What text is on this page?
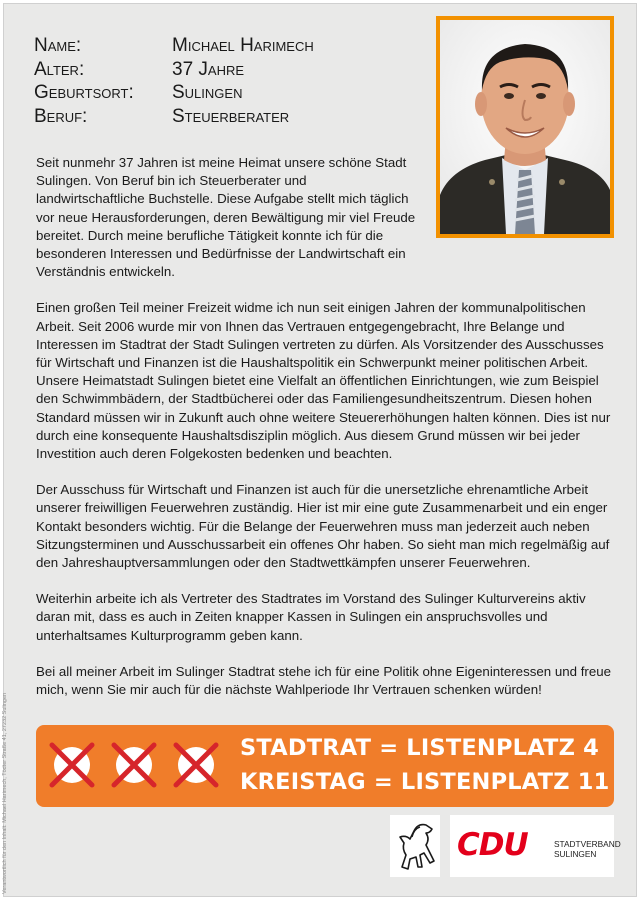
Name:	Michael Harimech
Alter:	37 Jahre
Geburtsort:	Sulingen
Beruf:	Steuerberater

Seit nunmehr 37 Jahren ist meine Heimat unsere schöne Stadt Sulingen. Von Beruf bin ich Steuerberater und landwirtschaftliche Buchstelle. Diese Aufgabe stellt mich täglich vor neue Herausforderungen, deren Bewältigung mir viel Freude bereitet. Durch meine berufliche Tätigkeit konnte ich für die besonderen Interessen und Bedürfnisse der Landwirtschaft ein Verständnis entwickeln.

Einen großen Teil meiner Freizeit widme ich nun seit einigen Jahren der kommunalpolitischen Arbeit. Seit 2006 wurde mir von Ihnen das Vertrauen entgegengebracht, Ihre Belange und Interessen im Stadtrat der Stadt Sulingen vertreten zu dürfen. Als Vorsitzender des Ausschusses für Wirtschaft und Finanzen ist die Haushaltspolitik ein Schwerpunkt meiner politischen Arbeit. Unsere Heimatstadt Sulingen bietet eine Vielfalt an öffentlichen Einrichtungen, wie zum Beispiel den Schwimmbädern, der Stadtbücherei oder das Familiengesundheitszentrum. Diesen hohen Standard müssen wir in Zukunft auch ohne weitere Steuererhöhungen halten können. Dies ist nur durch eine konsequente Haushaltsdisziplin möglich. Aus diesem Grund müssen wir bei jeder Investition auch deren Folgekosten bedenken und beachten.

Der Ausschuss für Wirtschaft und Finanzen ist auch für die unersetzliche ehrenamtliche Arbeit unserer freiwilligen Feuerwehren zuständig. Hier ist mir eine gute Zusammenarbeit und ein enger Kontakt besonders wichtig. Für die Belange der Feuerwehren muss man jederzeit auch neben Sitzungsterminen und Ausschussarbeit ein offenes Ohr haben. So sieht man mich regelmäßig auf den Jahreshauptversammlungen oder den Stadtwettkämpfen unserer Feuerwehren.

Weiterhin arbeite ich als Vertreter des Stadtrates im Vorstand des Sulinger Kulturvereins aktiv daran mit, dass es auch in Zeiten knapper Kassen in Sulingen ein anspruchsvolles und unterhaltsames Kulturprogramm geben kann.

Bei all meiner Arbeit im Sulinger Stadtrat stehe ich für eine Politik ohne Eigeninteressen und freue mich, wenn Sie mir auch für die nächste Wahlperiode Ihr Vertrauen schenken würden!

STADTRAT = LISTENPLATZ 4
KREISTAG = LISTENPLATZ 11
CDU	STADTVERBAND
SULINGEN
Verantwortlich für den Inhalt: Michael Harimech, Tödter Straße 41, 27232 Sulingen
